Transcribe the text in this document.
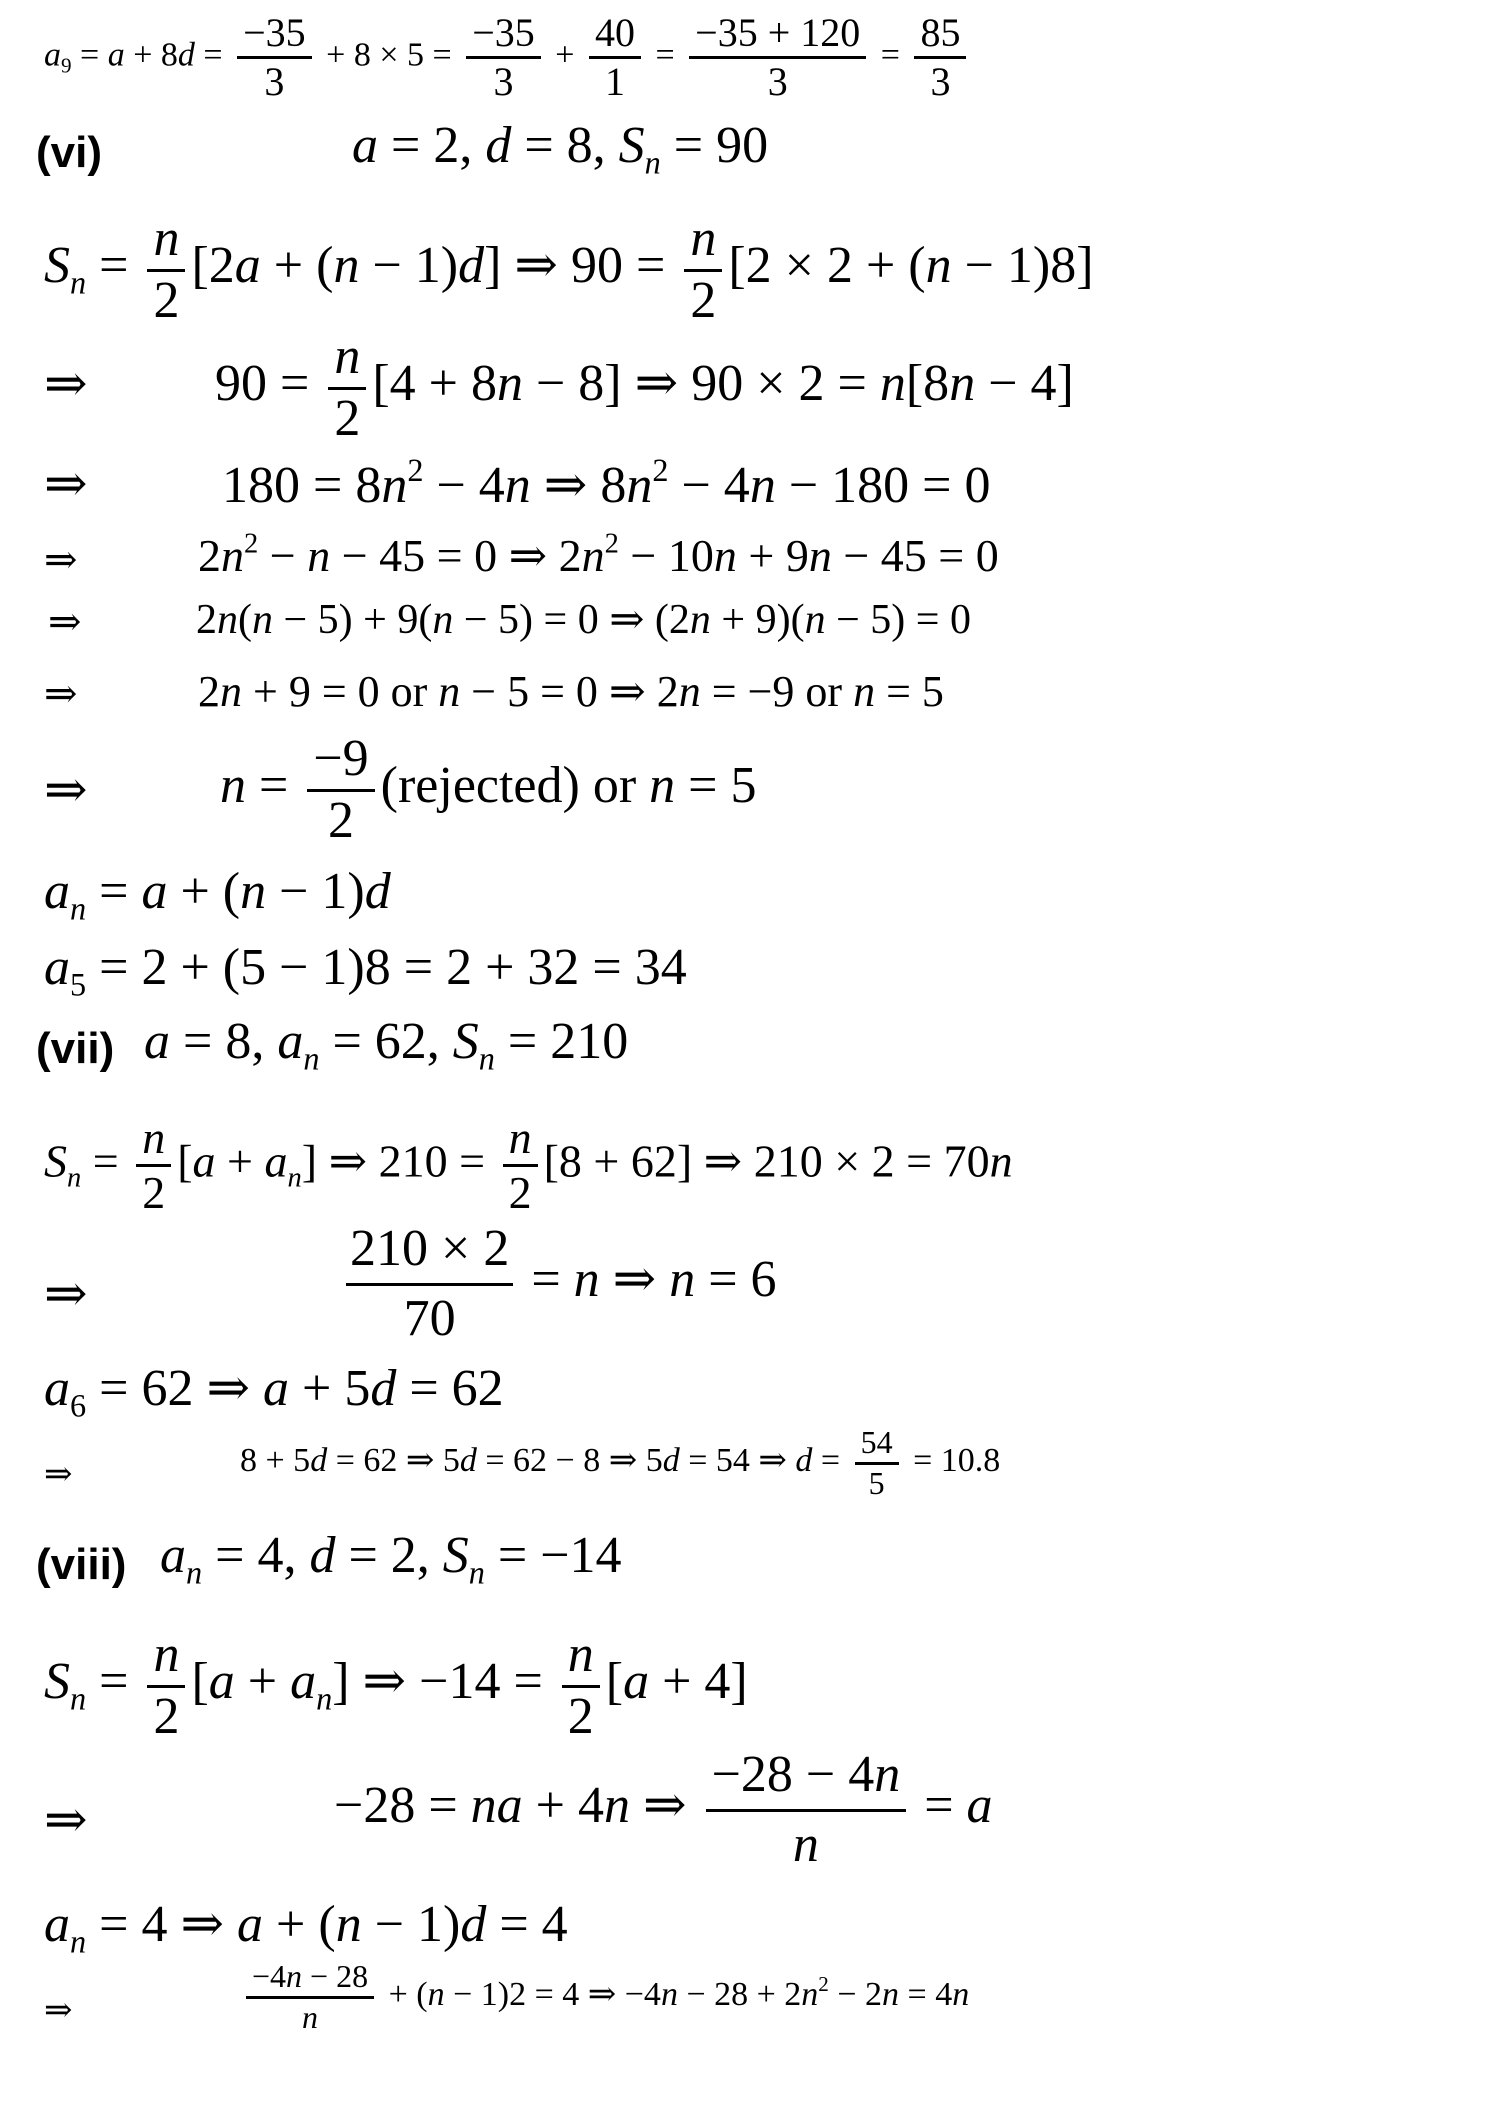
$a_9 = a + 8d = \frac{-35}{3} + 8 \times 5 = \frac{-35}{3} + \frac{40}{1} = \frac{-35 + 120}{3} = \frac{85}{3}$
(vi)	a = 2, d = 8, $S_n = 90$
$S_n = \frac{n}{2} [2a + (n - 1)d]$ ⇒ $90 = \frac{n}{2} [2 \times 2 + (n - 1)8]$
⇒ $90 = \frac{n}{2} [4 + 8n - 8]$ ⇒ 90 × 2 = n[8n − 4]
⇒	$180 = 8n^2 - 4n$ ⇒ $8n^2 - 4n - 180 = 0$
⇒	$2n^2 - n - 45 = 0$ ⇒ $2n^2 - 10n + 9n - 45 = 0$
⇒	2n(n − 5) + 9(n − 5) = 0 ⇒ (2n + 9)(n − 5) = 0
⇒	2n + 9 = 0 or n − 5 = 0 ⇒ 2n = −9 or n = 5
⇒	$n = \frac{-9}{2}$ (rejected) or n = 5
$a_n = a + (n - 1)d$
$a_5 = 2 + (5 - 1)8 = 2 + 32 = 34$
(vii) a = 8, $a_n = 62$, $S_n = 210$
$S_n = \frac{n}{2} [a + a_n]$ ⇒ $210 = \frac{n}{2} [8 + 62]$ ⇒ 210 × 2 = 70n
⇒	$\frac{210 \times 2}{70} = n$ ⇒ n = 6
$a_6 = 62$ ⇒ a + 5d = 62
⇒	8 + 5d = 62 ⇒ 5d = 62 − 8 ⇒ 5d = 54 ⇒ $d = \frac{54}{5} = 10.8$
(viii) $a_n = 4$, d = 2, $S_n = -14$
$S_n = \frac{n}{2} [a + a_n]$ ⇒ $-14 = \frac{n}{2} [a + 4]$
⇒	−28 = na + 4n ⇒ $\frac{-28 - 4n}{n} = a$
$a_n = 4$ ⇒ a + (n − 1)d = 4
⇒	$\frac{-4n - 28}{n} + (n - 1)2 = 4$ ⇒ $-4n - 28 + 2n^2 - 2n = 4n$
